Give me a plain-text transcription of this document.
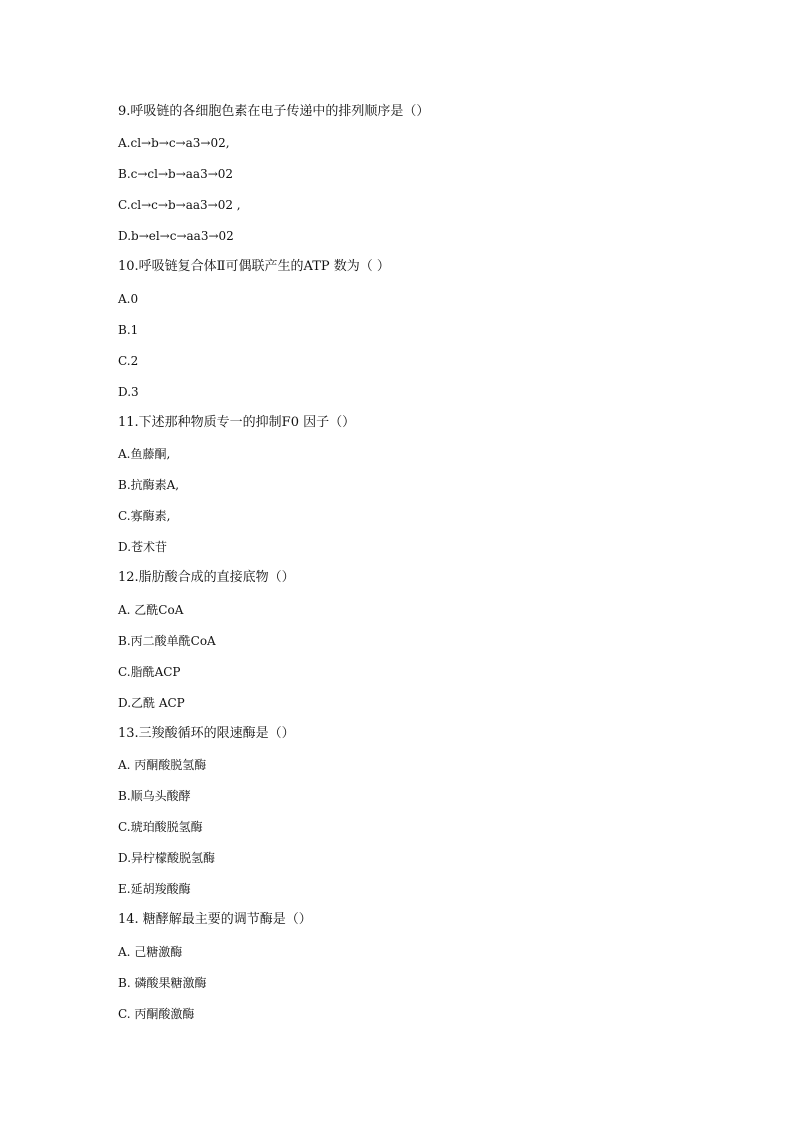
9.呼吸链的各细胞色素在电子传递中的排列顺序是（）
A.cl→b→c→a3→02,
B.c→cl→b→aa3→02
C.cl→c→b→aa3→02 ,
D.b→el→c→aa3→02
10.呼吸链复合体Ⅱ可偶联产生的ATP 数为（ ）
A.0
B.1
C.2
D.3
11.下述那种物质专一的抑制F0 因子（）
A.鱼藤酮,
B.抗酶素A,
C.寡酶素,
D.苍术苷
12.脂肪酸合成的直接底物（）
A. 乙酰CoA
B.丙二酸单酰CoA
C.脂酰ACP
D.乙酰 ACP
13.三羧酸循环的限速酶是（）
A. 丙酮酸脱氢酶
B.顺乌头酸酵
C.琥珀酸脱氢酶
D.异柠檬酸脱氢酶
E.延胡羧酸酶
14. 糖酵解最主要的调节酶是（）
A. 己糖激酶
B. 磷酸果糖激酶
C. 丙酮酸激酶
